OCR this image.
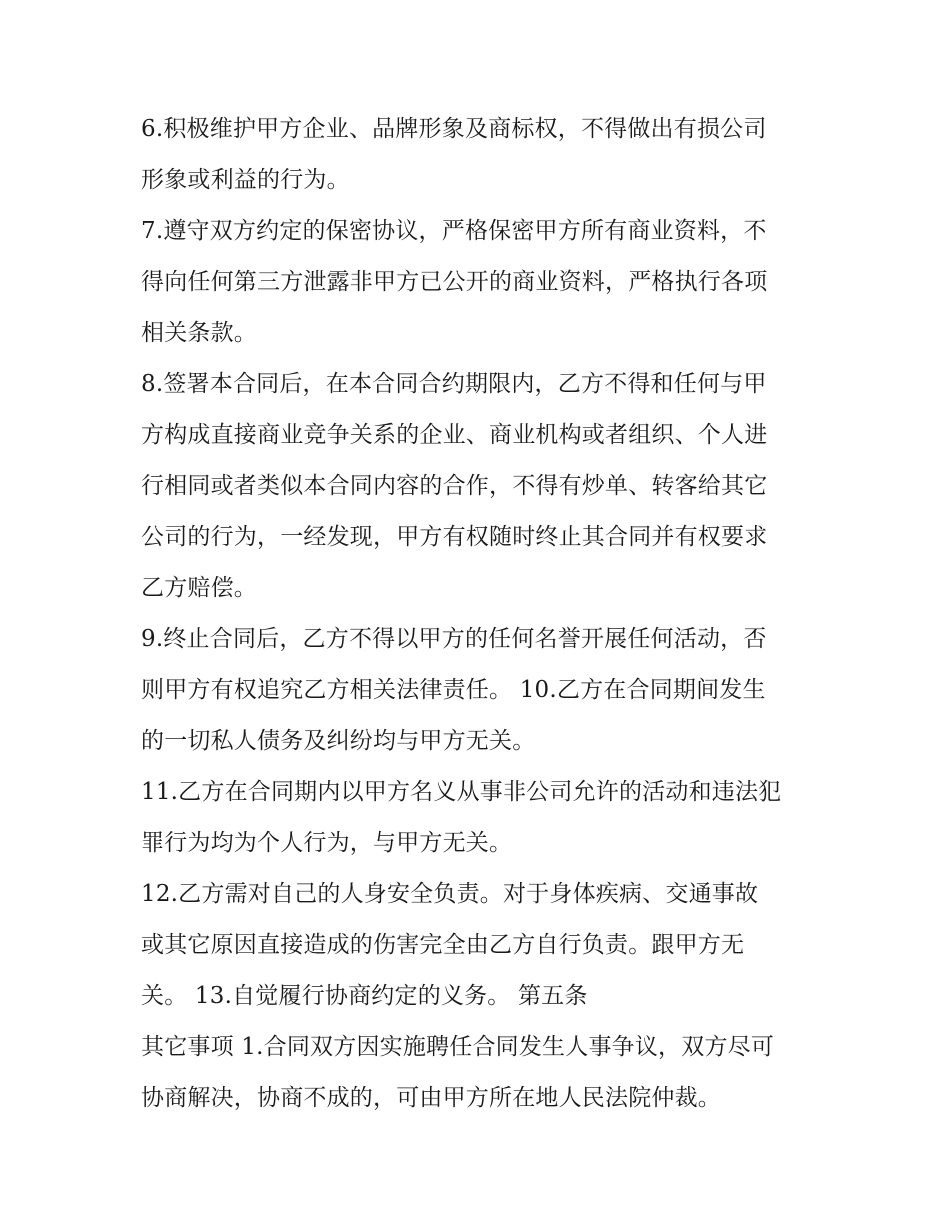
6.积极维护甲方企业、品牌形象及商标权，不得做出有损公司

形象或利益的行为。

7.遵守双方约定的保密协议，严格保密甲方所有商业资料，不

得向任何第三方泄露非甲方已公开的商业资料，严格执行各项

相关条款。

8.签署本合同后，在本合同合约期限内，乙方不得和任何与甲

方构成直接商业竞争关系的企业、商业机构或者组织、个人进

行相同或者类似本合同内容的合作，不得有炒单、转客给其它

公司的行为，一经发现，甲方有权随时终止其合同并有权要求

乙方赔偿。

9.终止合同后，乙方不得以甲方的任何名誉开展任何活动，否

则甲方有权追究乙方相关法律责任。 10.乙方在合同期间发生

的一切私人债务及纠纷均与甲方无关。

11.乙方在合同期内以甲方名义从事非公司允许的活动和违法犯

罪行为均为个人行为，与甲方无关。

12.乙方需对自己的人身安全负责。对于身体疾病、交通事故

或其它原因直接造成的伤害完全由乙方自行负责。跟甲方无

关。 13.自觉履行协商约定的义务。 第五条

其它事项 1.合同双方因实施聘任合同发生人事争议，双方尽可

协商解决，协商不成的，可由甲方所在地人民法院仲裁。
